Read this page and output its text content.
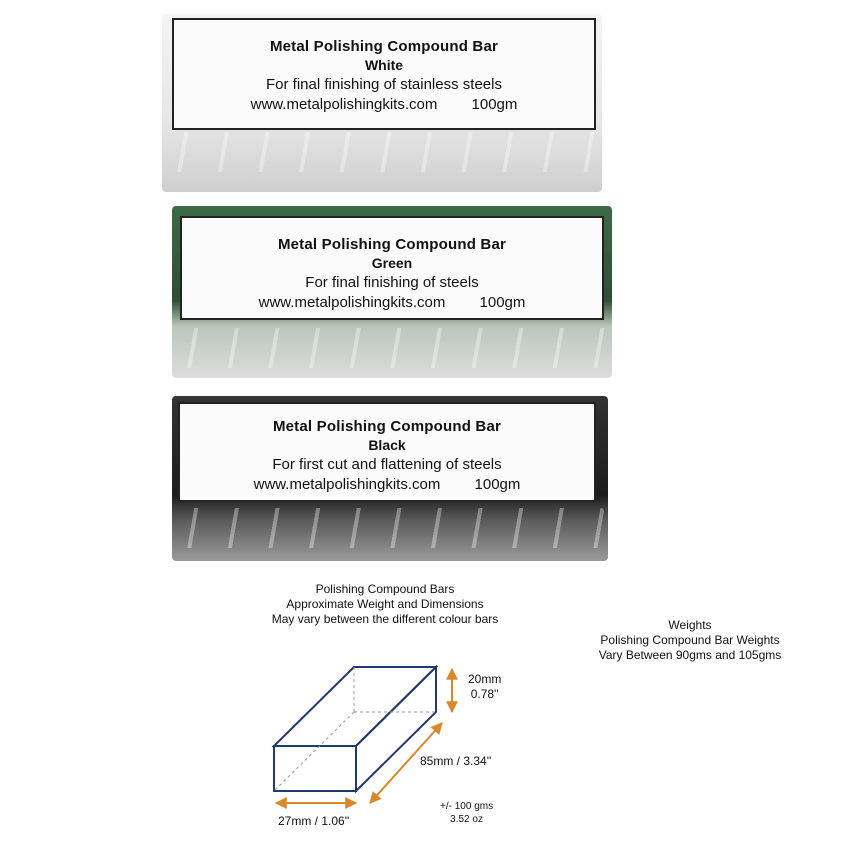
Metal Polishing Compound Bar
White
For final finishing of stainless steels
www.metalpolishingkits.com 100gm
Metal Polishing Compound Bar
Green
For final finishing of steels
www.metalpolishingkits.com 100gm
Metal Polishing Compound Bar
Black
For first cut and flattening of steels
www.metalpolishingkits.com 100gm
Polishing Compound Bars
Approximate Weight and Dimensions
May vary between the different colour bars	Weights
Polishing Compound Bar Weights
Vary Between 90gms and 105gms
20mm
0.78''
85mm / 3.34''
27mm / 1.06''
+/- 100 gms
3.52 oz
